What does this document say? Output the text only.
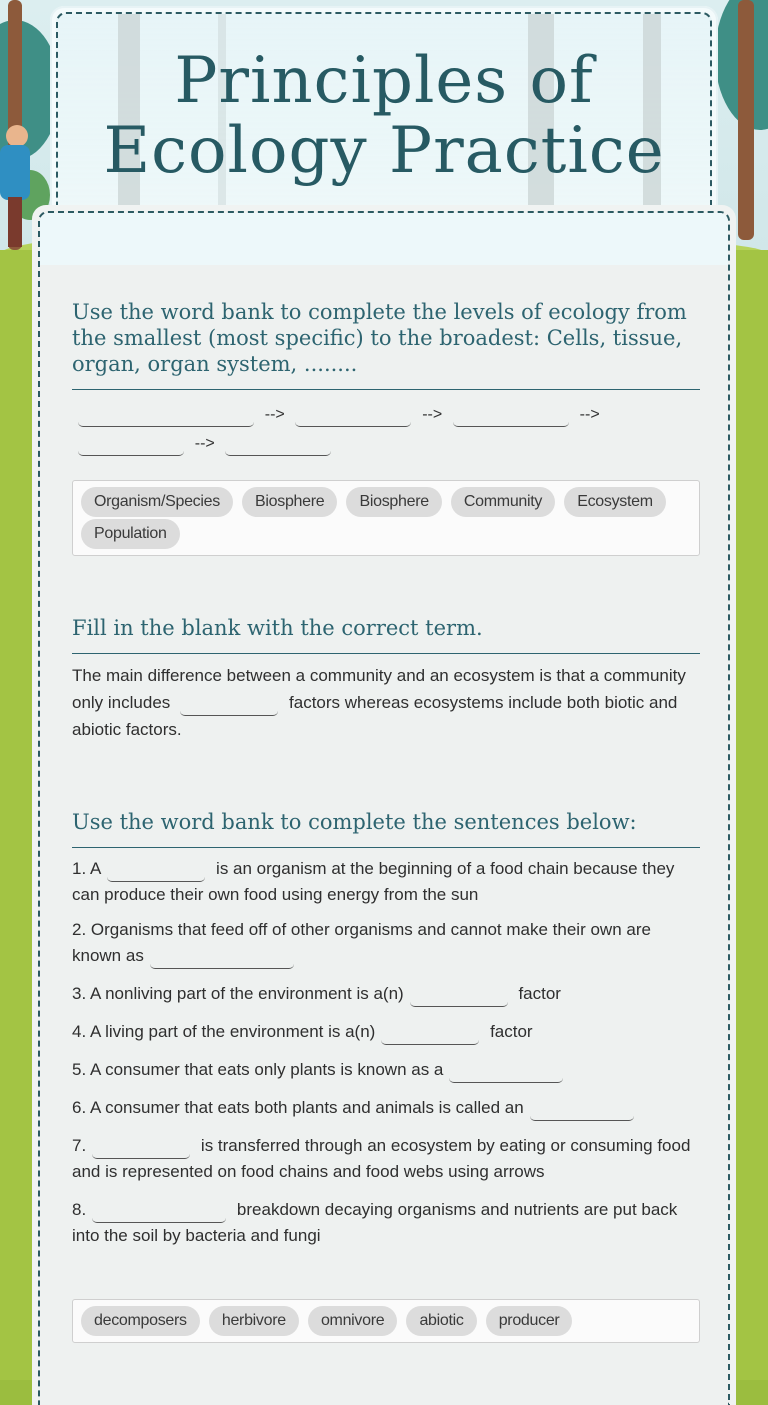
Principles of Ecology Practice
Use the word bank to complete the levels of ecology from the smallest (most specific) to the broadest: Cells, tissue, organ, organ system, ........
-->	-->	-->
-->
Organism/Species Biosphere Biosphere Community Ecosystem Population
Fill in the blank with the correct term.
The main difference between a community and an ecosystem is that a community only includes	factors whereas ecosystems include both biotic and abiotic factors.
Use the word bank to complete the sentences below:
1. A	is an organism at the beginning of a food chain because they can produce their own food using energy from the sun
2. Organisms that feed off of other organisms and cannot make their own are known as
3. A nonliving part of the environment is a(n)	factor
4. A living part of the environment is a(n)	factor
5. A consumer that eats only plants is known as a
6. A consumer that eats both plants and animals is called an
7.	is transferred through an ecosystem by eating or consuming food and is represented on food chains and food webs using arrows
8.	breakdown decaying organisms and nutrients are put back into the soil by bacteria and fungi
decomposers herbivore omnivore abiotic producer
